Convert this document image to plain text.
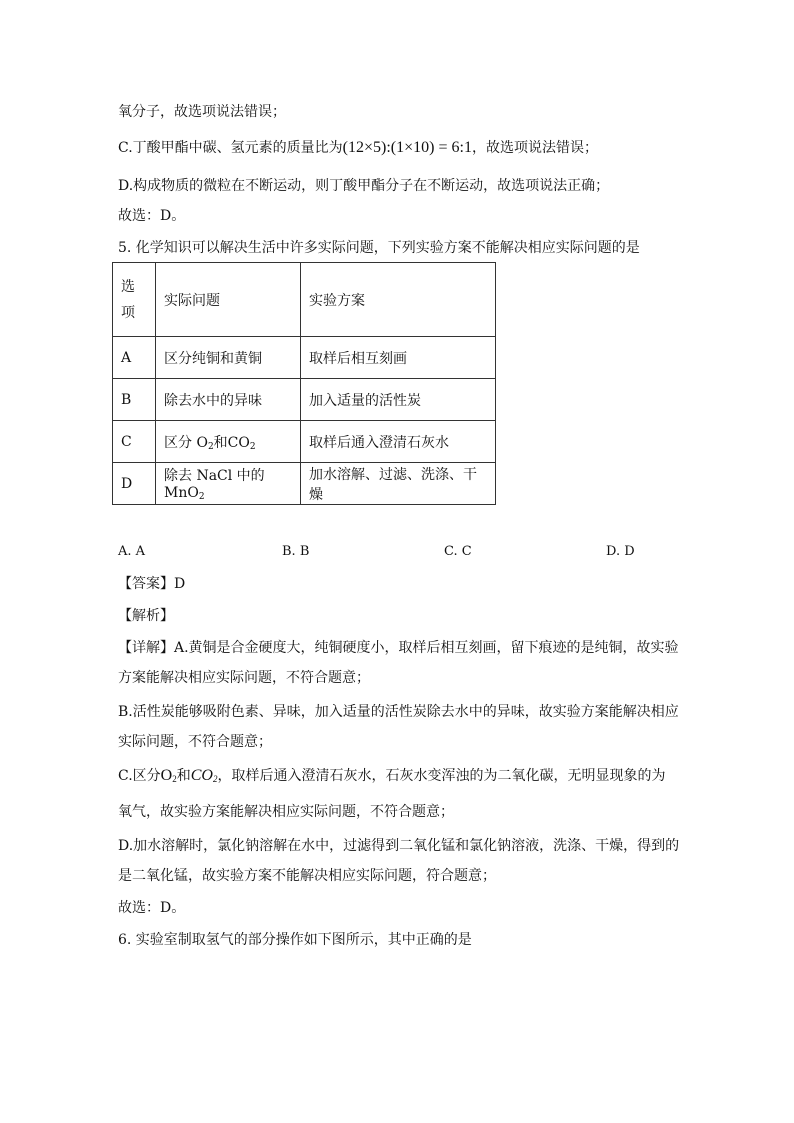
氧分子，故选项说法错误；
C.丁酸甲酯中碳、氢元素的质量比为(12×5):(1×10) = 6:1，故选项说法错误；
D.构成物质的微粒在不断运动，则丁酸甲酯分子在不断运动，故选项说法正确；
故选：D。
5. 化学知识可以解决生活中许多实际问题，下列实验方案不能解决相应实际问题的是
选项	实际问题	实验方案
A	区分纯铜和黄铜	取样后相互刻画
B	除去水中的异味	加入适量的活性炭
C	区分 $O_2$和$CO_2$	取样后通入澄清石灰水
D	除去 NaCl 中的 MnO$_2$	加水溶解、过滤、洗涤、干燥
A. A	B. B	C. C	D. D
【答案】D
【解析】
【详解】A.黄铜是合金硬度大，纯铜硬度小，取样后相互刻画，留下痕迹的是纯铜，故实验
方案能解决相应实际问题，不符合题意；
B.活性炭能够吸附色素、异味，加入适量的活性炭除去水中的异味，故实验方案能解决相应
实际问题，不符合题意；
C.区分$O_2$和$CO_2$，取样后通入澄清石灰水，石灰水变浑浊的为二氧化碳，无明显现象的为
氧气，故实验方案能解决相应实际问题，不符合题意；
D.加水溶解时，氯化钠溶解在水中，过滤得到二氧化锰和氯化钠溶液，洗涤、干燥，得到的
是二氧化锰，故实验方案不能解决相应实际问题，符合题意；
故选：D。
6. 实验室制取氢气的部分操作如下图所示，其中正确的是
